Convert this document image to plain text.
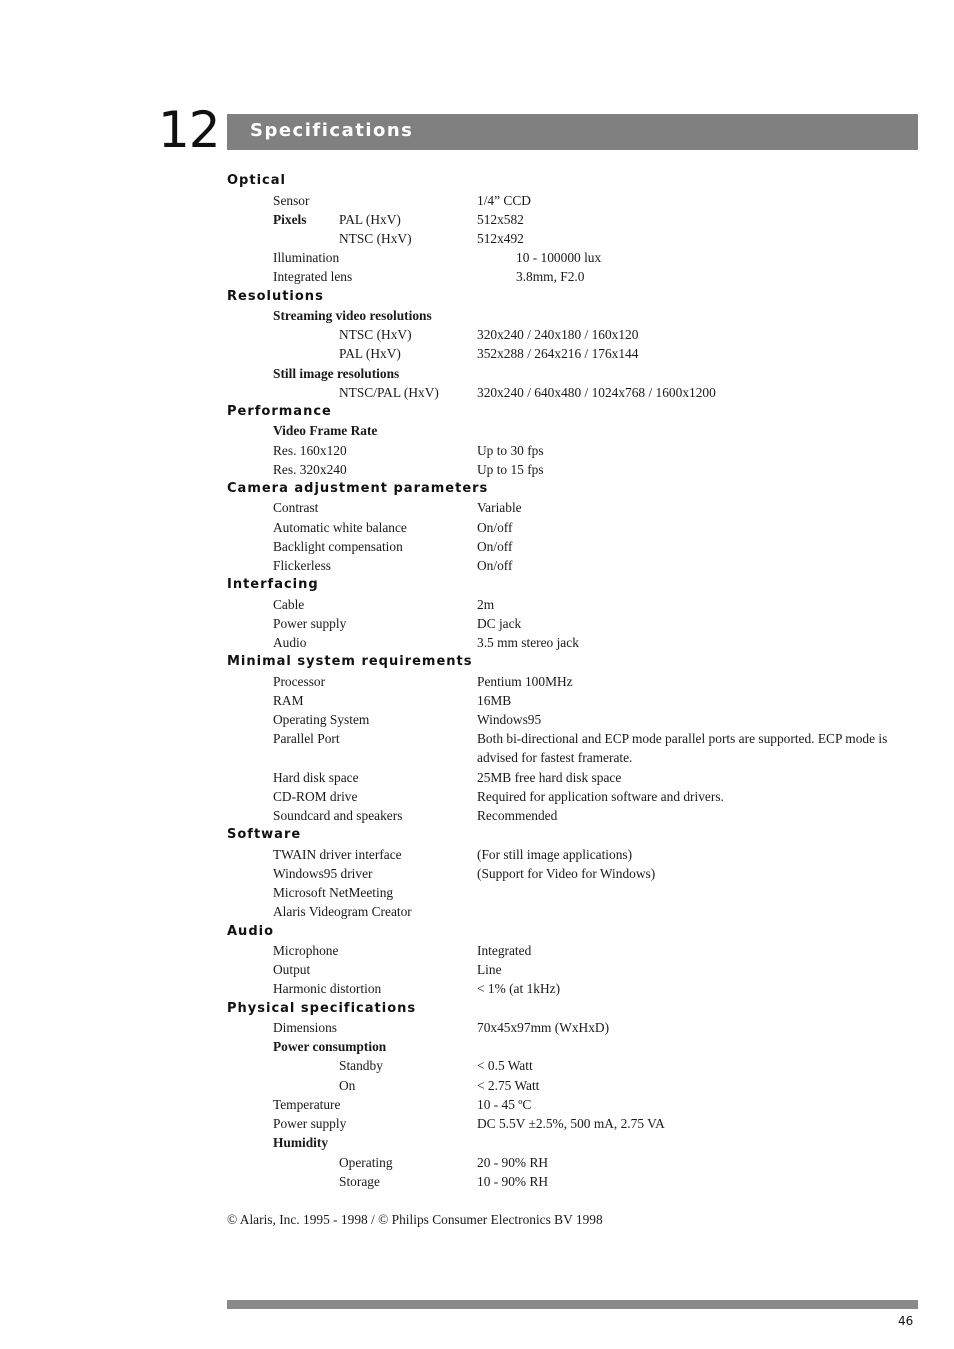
12 Specifications
Optical
Sensor	1/4” CCD
Pixels PAL (HxV)	512x582
NTSC (HxV)	512x492
Illumination	10 - 100000 lux
Integrated lens	3.8mm, F2.0
Resolutions
Streaming video resolutions
NTSC (HxV)	320x240 / 240x180 / 160x120
PAL (HxV)	352x288 / 264x216 / 176x144
Still image resolutions
NTSC/PAL (HxV)	320x240 / 640x480 / 1024x768 / 1600x1200
Performance
Video Frame Rate
Res. 160x120	Up to 30 fps
Res. 320x240	Up to 15 fps
Camera adjustment parameters
Contrast	Variable
Automatic white balance	On/off
Backlight compensation	On/off
Flickerless	On/off
Interfacing
Cable	2m
Power supply	DC jack
Audio	3.5 mm stereo jack
Minimal system requirements
Processor	Pentium 100MHz
RAM	16MB
Operating System	Windows95
Parallel Port	Both bi-directional and ECP mode parallel ports are supported. ECP mode is
advised for fastest framerate.
Hard disk space	25MB free hard disk space
CD-ROM drive	Required for application software and drivers.
Soundcard and speakers	Recommended
Software
TWAIN driver interface	(For still image applications)
Windows95 driver	(Support for Video for Windows)
Microsoft NetMeeting
Alaris Videogram Creator
Audio
Microphone	Integrated
Output	Line
Harmonic distortion	< 1% (at 1kHz)
Physical specifications
Dimensions	70x45x97mm (WxHxD)
Power consumption
Standby	< 0.5 Watt
On	< 2.75 Watt
Temperature	10 - 45 ºC
Power supply	DC 5.5V ±2.5%, 500 mA, 2.75 VA
Humidity
Operating	20 - 90% RH
Storage	10 - 90% RH
© Alaris, Inc. 1995 - 1998 / © Philips Consumer Electronics BV 1998
46
